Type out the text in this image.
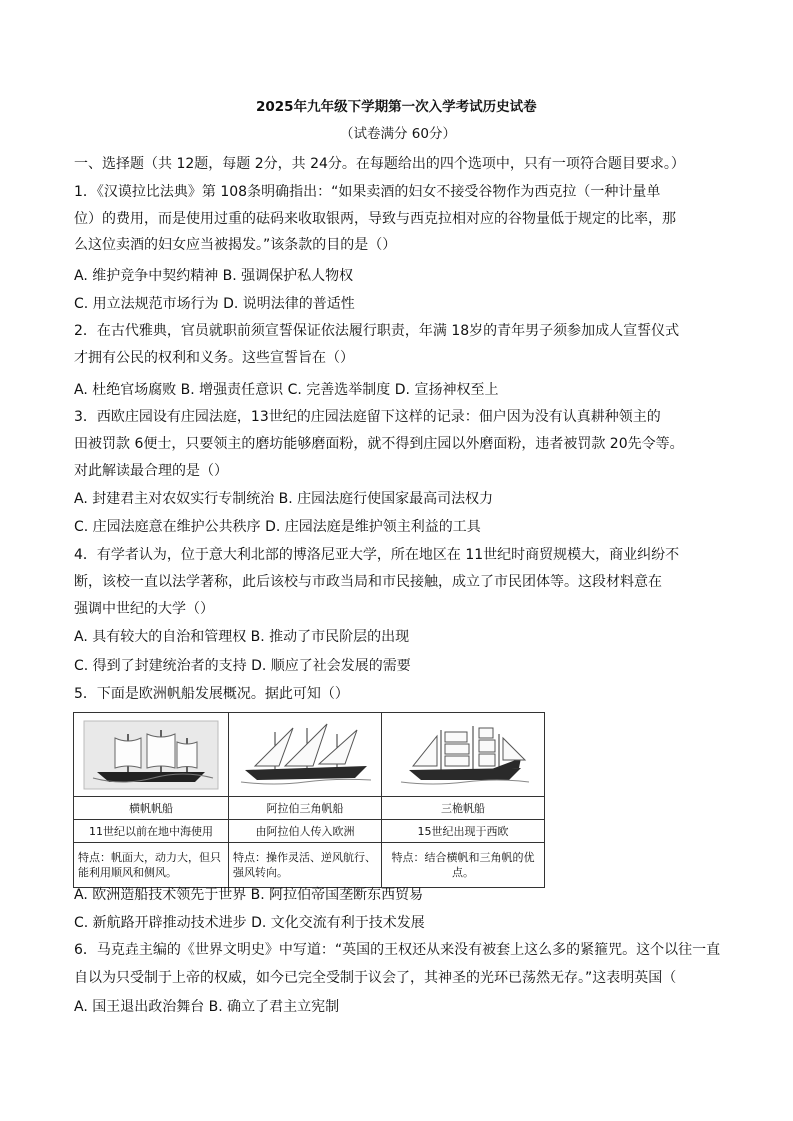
2025年九年级下学期第一次入学考试历史试卷
（试卷满分 60分）
一、选择题（共 12题，每题 2分，共 24分。在每题给出的四个选项中，只有一项符合题目要求。）
1．《汉谟拉比法典》第 108条明确指出：“如果卖酒的妇女不接受谷物作为西克拉（一种计量单
位）的费用，而是使用过重的砝码来收取银两，导致与西克拉相对应的谷物量低于规定的比率，那
么这位卖酒的妇女应当被揭发。”该条款的目的是（）
A. 维护竞争中契约精神 B. 强调保护私人物权
C. 用立法规范市场行为 D. 说明法律的普适性
2．在古代雅典，官员就职前须宣誓保证依法履行职责，年满 18岁的青年男子须参加成人宣誓仪式
才拥有公民的权利和义务。这些宣誓旨在（）
A. 杜绝官场腐败 B. 增强责任意识 C. 完善选举制度 D. 宣扬神权至上
3．西欧庄园设有庄园法庭，13世纪的庄园法庭留下这样的记录：佃户因为没有认真耕种领主的
田被罚款 6便士，只要领主的磨坊能够磨面粉，就不得到庄园以外磨面粉，违者被罚款 20先令等。
对此解读最合理的是（）
A. 封建君主对农奴实行专制统治 B. 庄园法庭行使国家最高司法权力
C. 庄园法庭意在维护公共秩序 D. 庄园法庭是维护领主利益的工具
4．有学者认为，位于意大利北部的博洛尼亚大学，所在地区在 11世纪时商贸规模大，商业纠纷不
断，该校一直以法学著称，此后该校与市政当局和市民接触，成立了市民团体等。这段材料意在
强调中世纪的大学（）
A. 具有较大的自治和管理权 B. 推动了市民阶层的出现
C. 得到了封建统治者的支持 D. 顺应了社会发展的需要
5．下面是欧洲帆船发展概况。据此可知（）

横帆帆船	阿拉伯三角帆船	三桅帆船
11世纪以前在地中海使用	由阿拉伯人传入欧洲	15世纪出现于西欧
特点：帆面大，动力大，但只能利用顺风和侧风。	特点：操作灵活、逆风航行、强风转向。	特点：结合横帆和三角帆的优点。
A. 欧洲造船技术领先于世界 B. 阿拉伯帝国垄断东西贸易
C. 新航路开辟推动技术进步 D. 文化交流有利于技术发展
6．马克垚主编的《世界文明史》中写道：“英国的王权还从来没有被套上这么多的紧箍咒。这个以往一直
自以为只受制于上帝的权威，如今已完全受制于议会了，其神圣的光环已荡然无存。”这表明英国（
A. 国王退出政治舞台 B. 确立了君主立宪制
